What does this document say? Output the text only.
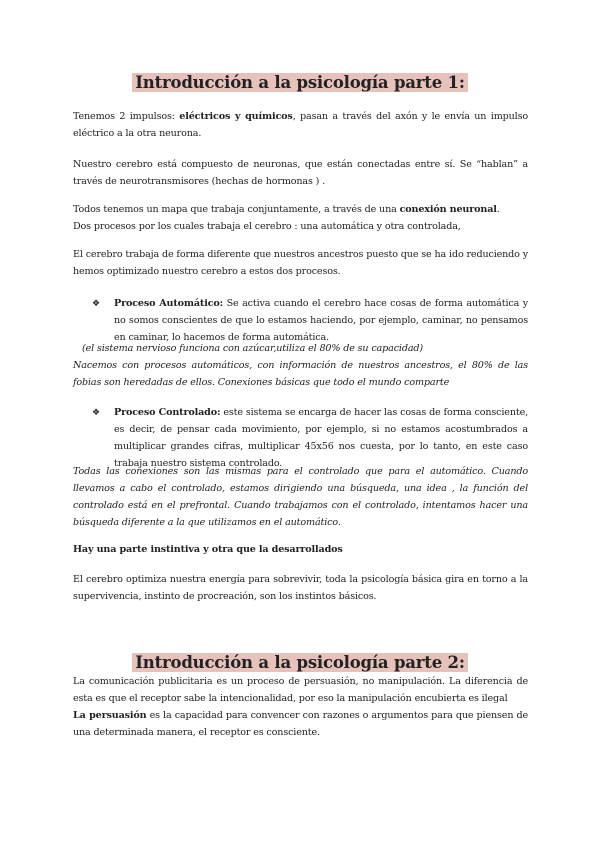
Introducción a la psicología parte 1:

Tenemos 2 impulsos: eléctricos y químicos, pasan a través del axón y le envía un impulso eléctrico a la otra neurona.

Nuestro cerebro está compuesto de neuronas, que están conectadas entre sí. Se “hablan” a través de neurotransmisores (hechas de hormonas ) .

Todos tenemos un mapa que trabaja conjuntamente, a través de una conexión neuronal.

Dos procesos por los cuales trabaja el cerebro : una automática y otra controlada,

El cerebro trabaja de forma diferente que nuestros ancestros puesto que se ha ido reduciendo y hemos optimizado nuestro cerebro a estos dos procesos.

❖ Proceso Automático: Se activa cuando el cerebro hace cosas de forma automática y no somos conscientes de que lo estamos haciendo, por ejemplo, caminar, no pensamos en caminar, lo hacemos de forma automática.

(el sistema nervioso funciona con azúcar,utiliza el 80% de su capacidad)

Nacemos con procesos automáticos, con información de nuestros ancestros, el 80% de las fobias son heredadas de ellos. Conexiones básicas que todo el mundo comparte

❖ Proceso Controlado: este sistema se encarga de hacer las cosas de forma consciente, es decir, de pensar cada movimiento, por ejemplo, si no estamos acostumbrados a multiplicar grandes cifras, multiplicar 45x56 nos cuesta, por lo tanto, en este caso trabaja nuestro sistema controlado.

Todas las conexiones son las mismas para el controlado que para el automático. Cuando llevamos a cabo el controlado, estamos dirigiendo una búsqueda, una idea , la función del controlado está en el prefrontal. Cuando trabajamos con el controlado, intentamos hacer una búsqueda diferente a la que utilizamos en el automático.

Hay una parte instintiva y otra que la desarrollados

El cerebro optimiza nuestra energía para sobrevivir, toda la psicología básica gira en torno a la supervivencia, instinto de procreación, son los instintos básicos.

Introducción a la psicología parte 2:

La comunicación publicitaria es un proceso de persuasión, no manipulación. La diferencia de esta es que el receptor sabe la intencionalidad, por eso la manipulación encubierta es ilegal

La persuasión es la capacidad para convencer con razones o argumentos para que piensen de una determinada manera, el receptor es consciente.
